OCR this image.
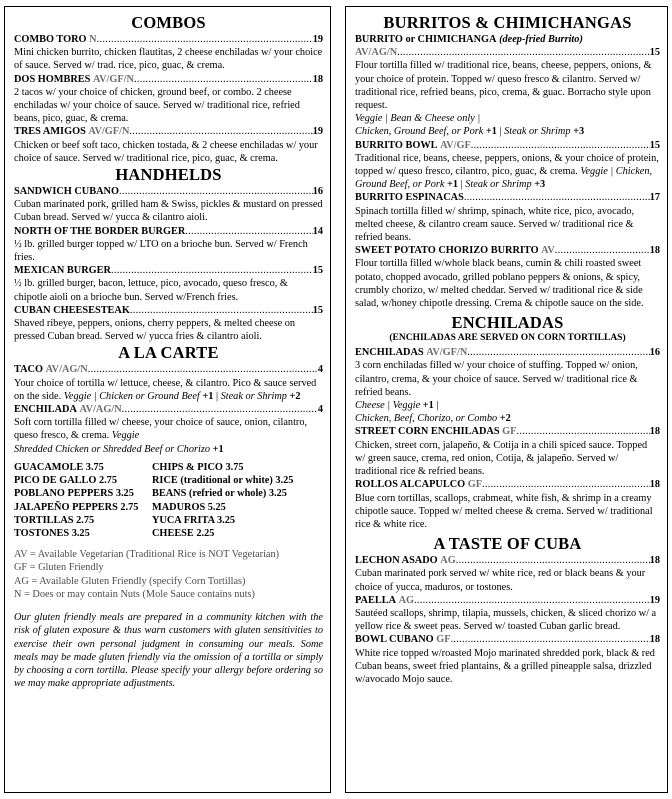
COMBOS
COMBO TORO
N .....	19
Mini chicken burrito, chicken flautitas, 2 cheese enchiladas w/ your choice of sauce. Served w/ trad. rice, pico, guac, & crema.
DOS HOMBRES
AV/GF/N .....	18
2 tacos w/ your choice of chicken, ground beef, or combo. 2 cheese enchiladas w/ your choice of sauce. Served w/ traditional rice, refried beans, pico, guac, & crema.
TRES AMIGOS
AV/GF/N .....	19
Chicken or beef soft taco, chicken tostada, & 2 cheese enchiladas w/ your choice of sauce. Served w/ traditional rice, pico, guac, & crema.
HANDHELDS
SANDWICH CUBANO .....	16
Cuban marinated pork, grilled ham & Swiss, pickles & mustard on pressed Cuban bread. Served w/ yucca & cilantro aioli.
NORTH OF THE BORDER BURGER .....	14
½ lb. grilled burger topped w/ LTO on a brioche bun. Served w/ French fries.
MEXICAN BURGER .....	15
½ lb. grilled burger, bacon, lettuce, pico, avocado, queso fresco, & chipotle aioli on a brioche bun. Served w/French fries.
CUBAN CHEESESTEAK .....	15
Shaved ribeye, peppers, onions, cherry peppers, & melted cheese on pressed Cuban bread. Served w/ yucca fries & cilantro aioli.
A LA CARTE
TACO
AV/AG/N .....	4
Your choice of tortilla w/ lettuce, cheese, & cilantro. Pico & sauce served on the side. Veggie | Chicken or Ground Beef +1 | Steak or Shrimp +2
ENCHILADA
AV/AG/N .....	4
Soft corn tortilla filled w/ cheese, your choice of sauce, onion, cilantro, queso fresco, & crema. Veggie
Shredded Chicken or Shredded Beef or Chorizo +1
GUACAMOLE 3.75	CHIPS & PICO 3.75
PICO DE GALLO 2.75	RICE (traditional or white) 3.25
POBLANO PEPPERS 3.25	BEANS (refried or whole) 3.25
JALAPEÑO PEPPERS 2.75	MADUROS 5.25
TORTILLAS 2.75	YUCA FRITA 3.25
TOSTONES 3.25	CHEESE 2.25
AV = Available Vegetarian (Traditional Rice is NOT Vegetarian)
GF = Gluten Friendly
AG = Available Gluten Friendly (specify Corn Tortillas)
N = Does or may contain Nuts (Mole Sauce contains nuts)
Our gluten friendly meals are prepared in a community kitchen with the risk of gluten exposure & thus warn customers with gluten sensitivities to exercise their own personal judgment in consuming our meals. Some meals may be made gluten friendly via the omission of a tortilla or simply by choosing a corn tortilla. Please specify your allergy before ordering so we may make appropriate adjustments.
BURRITOS & CHIMICHANGAS
BURRITO or CHIMICHANGA
(deep-fried Burrito)
AV/AG/N .....	15
Flour tortilla filled w/ traditional rice, beans, cheese, peppers, onions, & your choice of protein. Topped w/ queso fresco & cilantro. Served w/ traditional rice, refried beans, pico, crema, & guac. Borracho style upon request.
Veggie | Bean & Cheese only |
Chicken, Ground Beef, or Pork +1 | Steak or Shrimp +3
BURRITO BOWL
AV/GF .....	15
Traditional rice, beans, cheese, peppers, onions, & your choice of protein, topped w/ queso fresco, cilantro, pico, guac, & crema. Veggie | Chicken, Ground Beef, or Pork +1 | Steak or Shrimp +3
BURRITO ESPINACAS .....	17
Spinach tortilla filled w/ shrimp, spinach, white rice, pico, avocado, melted cheese, & cilantro cream sauce. Served w/ traditional rice & refried beans.
SWEET POTATO CHORIZO BURRITO
AV .....	18
Flour tortilla filled w/whole black beans, cumin & chili roasted sweet potato, chopped avocado, grilled poblano peppers & onions, & spicy, crumbly chorizo, w/ melted cheddar. Served w/ traditional rice & side salad, w/honey chipotle dressing. Crema & chipotle sauce on the side.
ENCHILADAS
(ENCHILADAS ARE SERVED ON CORN TORTILLAS)
ENCHILADAS
AV/GF/N .....	16
3 corn enchiladas filled w/ your choice of stuffing. Topped w/ onion, cilantro, crema, & your choice of sauce. Served w/ traditional rice & refried beans.
Cheese | Veggie +1 |
Chicken, Beef, Chorizo, or Combo +2
STREET CORN ENCHILADAS
GF .....	18
Chicken, street corn, jalapeño, & Cotija in a chili spiced sauce. Topped w/ green sauce, crema, red onion, Cotija, & jalapeño. Served w/ traditional rice & refried beans.
ROLLOS ALCAPULCO
GF .....	18
Blue corn tortillas, scallops, crabmeat, white fish, & shrimp in a creamy chipotle sauce. Topped w/ melted cheese & crema. Served w/ traditional rice & white rice.
A TASTE OF CUBA
LECHON ASADO
AG .....	18
Cuban marinated pork served w/ white rice, red or black beans & your choice of yucca, maduros, or tostones.
PAELLA
AG .....	19
Sautéed scallops, shrimp, tilapia, mussels, chicken, & sliced chorizo w/ a yellow rice & sweet peas. Served w/ toasted Cuban garlic bread.
BOWL CUBANO
GF .....	18
White rice topped w/roasted Mojo marinated shredded pork, black & red Cuban beans, sweet fried plantains, & a grilled pineapple salsa, drizzled w/avocado Mojo sauce.
